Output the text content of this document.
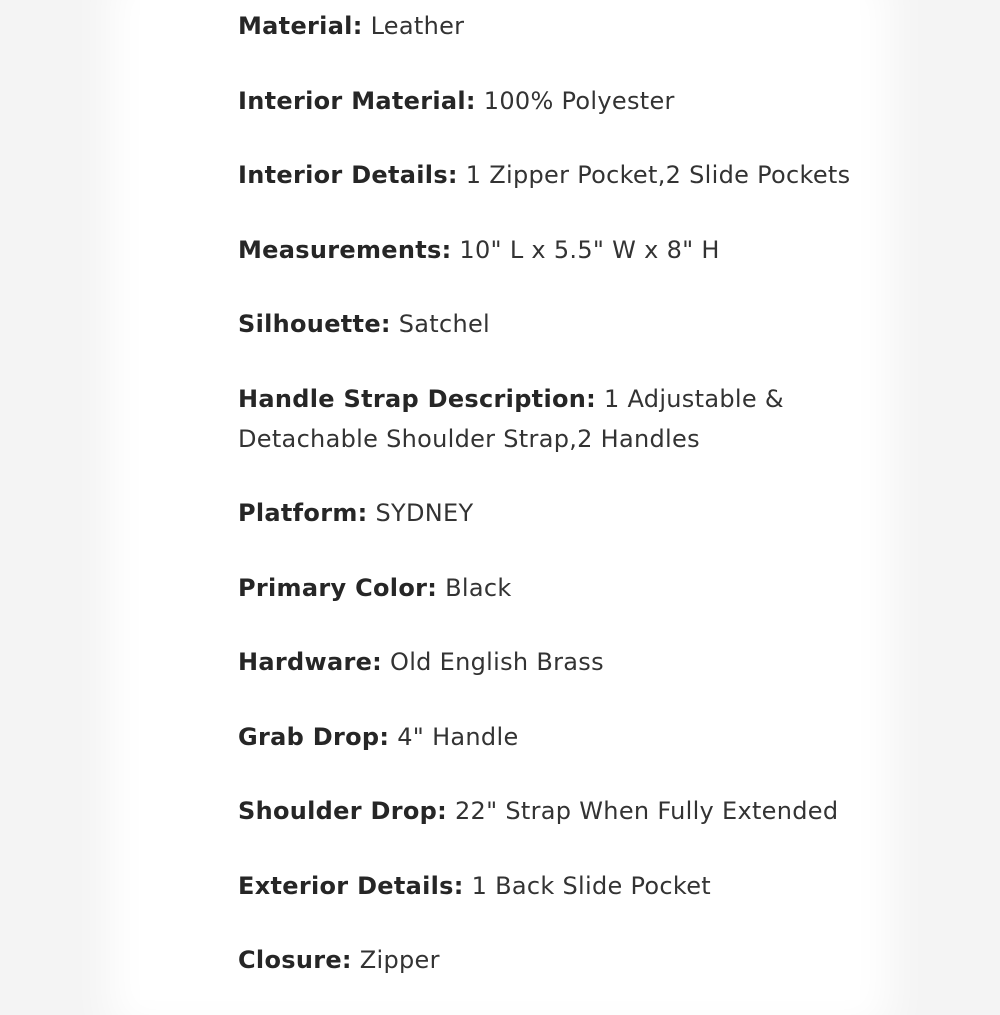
Material: Leather
Interior Material: 100% Polyester
Interior Details: 1 Zipper Pocket,2 Slide Pockets
Measurements: 10" L x 5.5" W x 8" H
Silhouette: Satchel
Handle Strap Description: 1 Adjustable & Detachable Shoulder Strap,2 Handles
Platform: SYDNEY
Primary Color: Black
Hardware: Old English Brass
Grab Drop: 4" Handle
Shoulder Drop: 22" Strap When Fully Extended
Exterior Details: 1 Back Slide Pocket
Closure: Zipper
